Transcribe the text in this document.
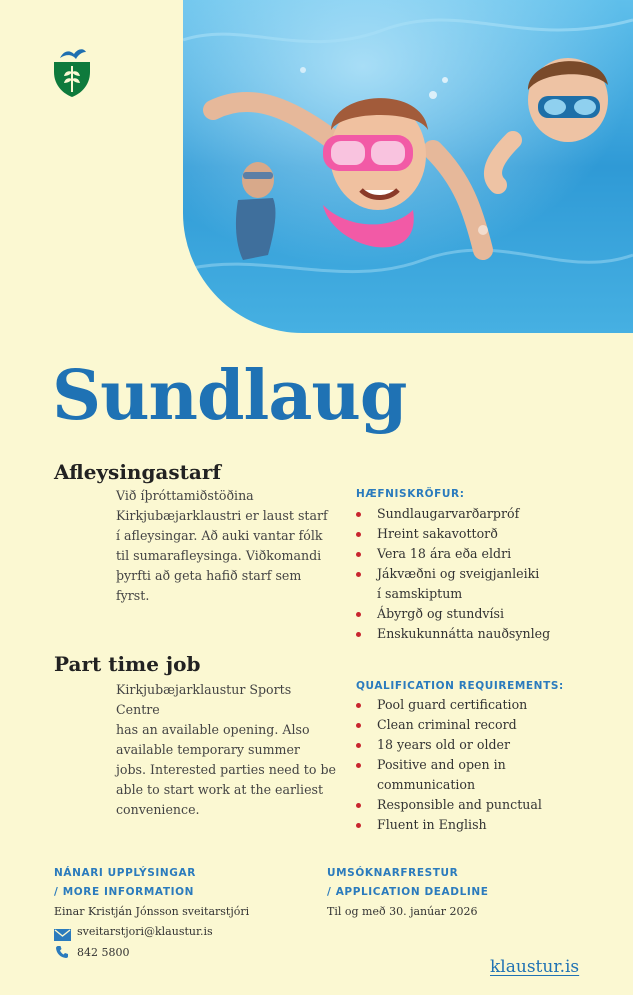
Sundlaug
Afleysingastarf
Við íþróttamiðstöðina
Kirkjubæjarklaustri er laust starf
í afleysingar. Að auki vantar fólk
til sumarafleysinga. Viðkomandi
þyrfti að geta hafið starf sem fyrst.
HÆFNISKRÖFUR:
Sundlaugarvarðarpróf
Hreint sakavottorð
Vera 18 ára eða eldri
Jákvæðni og sveigjanleiki
í samskiptum
Ábyrgð og stundvísi
Enskukunnátta nauðsynleg
Part time job
Kirkjubæjarklaustur Sports Centre
has an available opening. Also
available temporary summer
jobs. Interested parties need to be
able to start work at the earliest
convenience.
QUALIFICATION REQUIREMENTS:
Pool guard certification
Clean criminal record
18 years old or older
Positive and open in
communication
Responsible and punctual
Fluent in English
NÁNARI UPPLÝSINGAR
/ MORE INFORMATION
Einar Kristján Jónsson sveitarstjóri
sveitarstjori@klaustur.is
842 5800
UMSÓKNARFRESTUR
/ APPLICATION DEADLINE
Til og með 30. janúar 2026
klaustur.is
